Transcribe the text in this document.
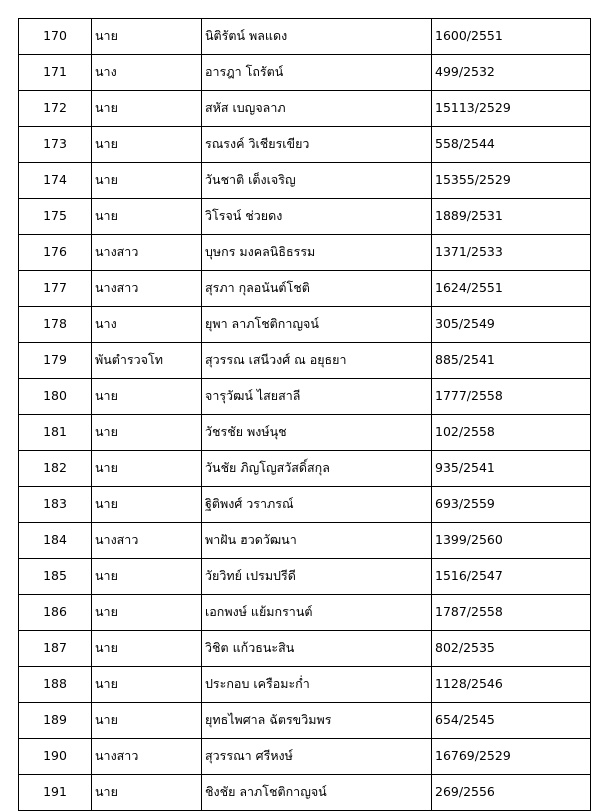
170	นาย	นิติรัตน์ พลแดง	1600/2551
171	นาง	อารฎา โถรัตน์	499/2532
172	นาย	สหัส เบญจลาภ	15113/2529
173	นาย	รณรงค์ วิเชียรเขียว	558/2544
174	นาย	วันชาติ เต็งเจริญ	15355/2529
175	นาย	วิโรจน์ ช่วยดง	1889/2531
176	นางสาว	บุษกร มงคลนิธิธรรม	1371/2533
177	นางสาว	สุรภา กุลอนันต์โชติ	1624/2551
178	นาง	ยุพา ลาภโชติกาญจน์	305/2549
179	พันตำรวจโท	สุวรรณ เสนีวงศ์ ณ อยุธยา	885/2541
180	นาย	จารุวัฒน์ ไสยสาลี	1777/2558
181	นาย	วัชรชัย พงษ์นุช	102/2558
182	นาย	วันชัย ภิญโญสวัสดิ์สกุล	935/2541
183	นาย	ฐิติพงศ์ วราภรณ์	693/2559
184	นางสาว	พาฝัน ฮวดวัฒนา	1399/2560
185	นาย	วัยวิทย์ เปรมปรีดี	1516/2547
186	นาย	เอกพงษ์ แย้มกรานต์	1787/2558
187	นาย	วิชิต แก้วธนะสิน	802/2535
188	นาย	ประกอบ เครือมะก่ำ	1128/2546
189	นาย	ยุทธไพศาล ฉัตรขวิมพร	654/2545
190	นางสาว	สุวรรณา ศรีหงษ์	16769/2529
191	นาย	ชิงชัย ลาภโชติกาญจน์	269/2556
